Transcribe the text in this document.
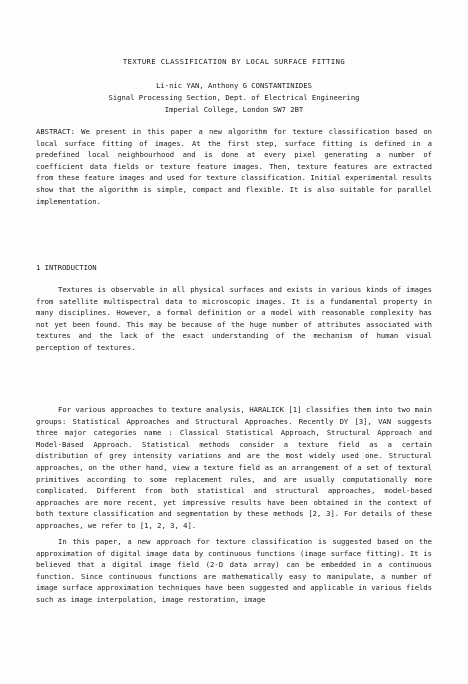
TEXTURE CLASSIFICATION BY LOCAL SURFACE FITTING
Li-nic YAN, Anthony G CONSTANTINIDES
Signal Processing Section, Dept. of Electrical Engineering
Imperial College, London SW7 2BT
ABSTRACT: We present in this paper a new algorithm for texture classification based on local surface fitting of images. At the first step, surface fitting is defined in a predefined local neighbourhood and is done at every pixel generating a number of coefficient data fields or texture feature images. Then, texture features are extracted from these feature images and used for texture classification. Initial experimental results show that the algorithm is simple, compact and flexible. It is also suitable for parallel implementation.
1 INTRODUCTION
Textures is observable in all physical surfaces and exists in various kinds of images from satellite multispectral data to microscopic images. It is a fundamental property in many disciplines. However, a formal definition or a model with reasonable complexity has not yet been found. This may be because of the huge number of attributes associated with textures and the lack of the exact understanding of the mechanism of human visual perception of textures.
For various approaches to texture analysis, HARALICK [1] classifies them into two main groups: Statistical Approaches and Structural Approaches. Recently DY [3], VAN suggests three major categories name : Classical Statistical Approach, Structural Approach and Model-Based Approach. Statistical methods consider a texture field as a certain distribution of grey intensity variations and are the most widely used one. Structural approaches, on the other hand, view a texture field as an arrangement of a set of textural primitives according to some replacement rules, and are usually computationally more complicated. Different from both statistical and structural approaches, model-based approaches are more recent, yet impressive results have been obtained in the context of both texture classification and segmentation by these methods [2, 3]. For details of these approaches, we refer to [1, 2, 3, 4].
In this paper, a new approach for texture classification is suggested based on the approximation of digital image data by continuous functions (image surface fitting). It is believed that a digital image field (2-D data array) can be embedded in a continuous function. Since continuous functions are mathematically easy to manipulate, a number of image surface approximation techniques have been suggested and applicable in various fields such as image interpolation, image restoration, image
